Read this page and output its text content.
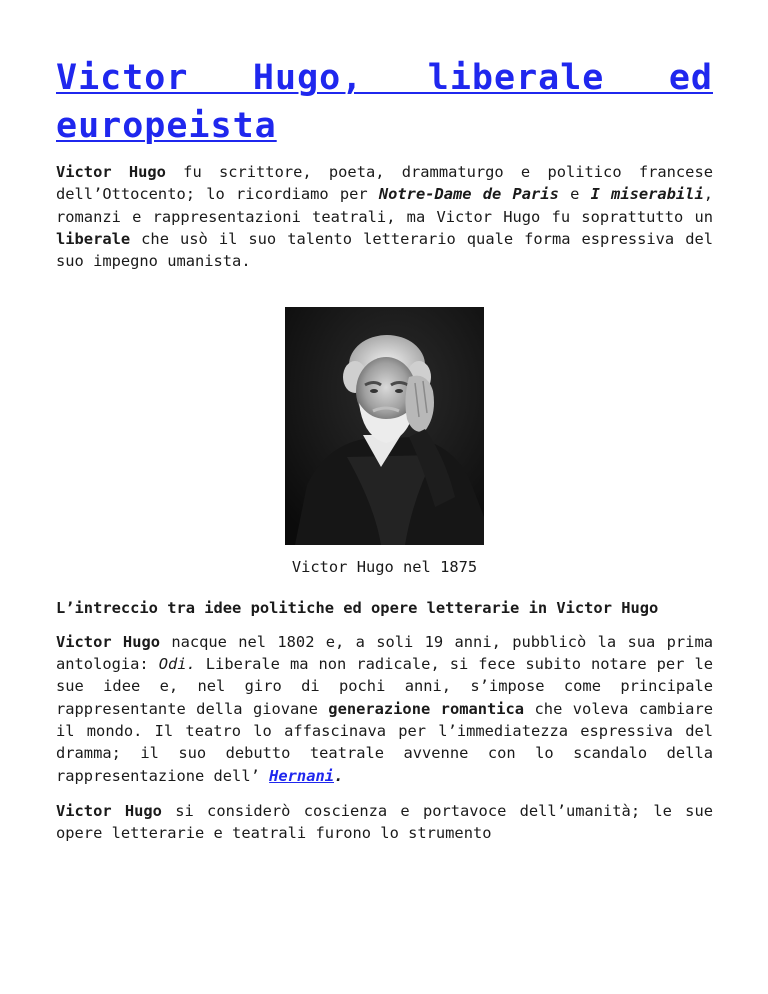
Victor Hugo, liberale ed europeista

Victor Hugo fu scrittore, poeta, drammaturgo e politico francese dell’Ottocento; lo ricordiamo per Notre-Dame de Paris e I miserabili, romanzi e rappresentazioni teatrali, ma Victor Hugo fu soprattutto un liberale che usò il suo talento letterario quale forma espressiva del suo impegno umanista.

Victor Hugo nel 1875

L’intreccio tra idee politiche ed opere letterarie in Victor Hugo

Victor Hugo nacque nel 1802 e, a soli 19 anni, pubblicò la sua prima antologia: Odi. Liberale ma non radicale, si fece subito notare per le sue idee e, nel giro di pochi anni, s’impose come principale rappresentante della giovane generazione romantica che voleva cambiare il mondo. Il teatro lo affascinava per l’immediatezza espressiva del dramma; il suo debutto teatrale avvenne con lo scandalo della rappresentazione dell’ Hernani.

Victor Hugo si considerò coscienza e portavoce dell’umanità; le sue opere letterarie e teatrali furono lo strumento
